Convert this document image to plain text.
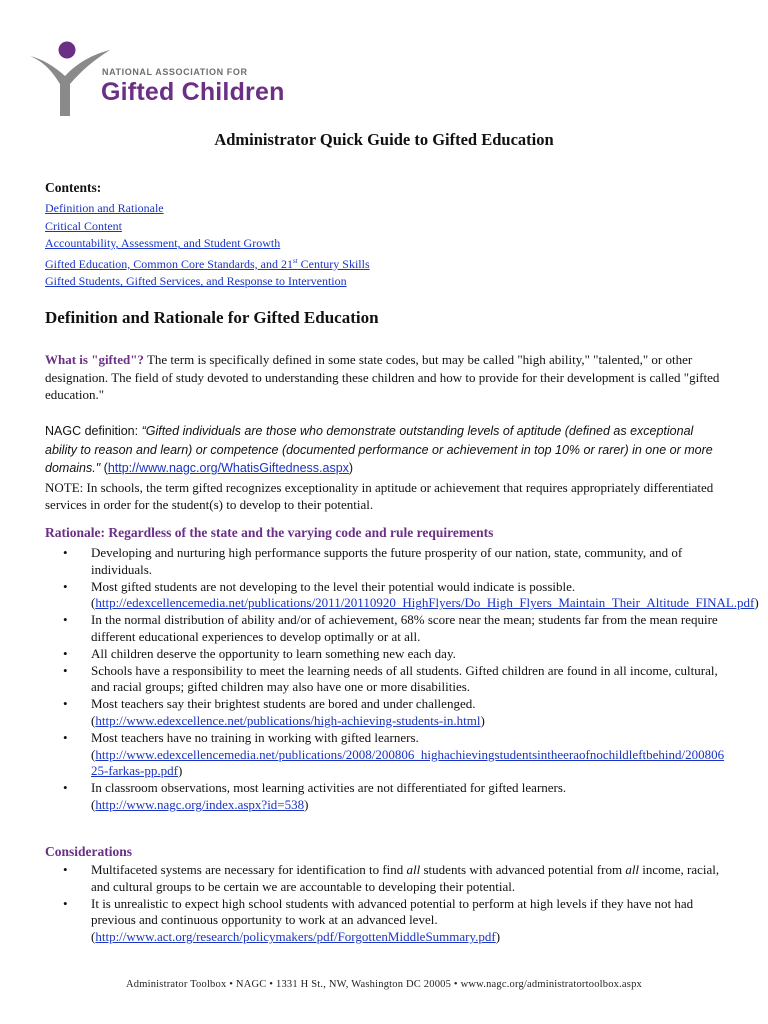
NATIONAL ASSOCIATION FOR
Gifted Children
Administrator Quick Guide to Gifted Education
Contents:
Definition and Rationale
Critical Content
Accountability, Assessment, and Student Growth
Gifted Education, Common Core Standards, and 21st Century Skills
Gifted Students, Gifted Services, and Response to Intervention
Definition and Rationale for Gifted Education
What is "gifted"? The term is specifically defined in some state codes, but may be called "high ability," "talented," or other designation. The field of study devoted to understanding these children and how to provide for their development is called "gifted education."
NAGC definition: “Gifted individuals are those who demonstrate outstanding levels of aptitude (defined as exceptional ability to reason and learn) or competence (documented performance or achievement in top 10% or rarer) in one or more domains." (http://www.nagc.org/WhatisGiftedness.aspx)
NOTE: In schools, the term gifted recognizes exceptionality in aptitude or achievement that requires appropriately differentiated services in order for the student(s) to develop to their potential.
Rationale: Regardless of the state and the varying code and rule requirements
• Developing and nurturing high performance supports the future prosperity of our nation, state, community, and of individuals.
• Most gifted students are not developing to the level their potential would indicate is possible.
(http://edexcellencemedia.net/publications/2011/20110920_HighFlyers/Do_High_Flyers_Maintain_Their_Altitude_FINAL.pdf)
• In the normal distribution of ability and/or of achievement, 68% score near the mean; students far from the mean require different educational experiences to develop optimally or at all.
• All children deserve the opportunity to learn something new each day.
• Schools have a responsibility to meet the learning needs of all students. Gifted children are found in all income, cultural, and racial groups; gifted children may also have one or more disabilities.
• Most teachers say their brightest students are bored and under challenged.
(http://www.edexcellence.net/publications/high-achieving-students-in.html)
• Most teachers have no training in working with gifted learners.
(http://www.edexcellencemedia.net/publications/2008/200806_highachievingstudentsintheeraofnochildleftbehind/20080625-farkas-pp.pdf)
• In classroom observations, most learning activities are not differentiated for gifted learners.
(http://www.nagc.org/index.aspx?id=538)
Considerations
• Multifaceted systems are necessary for identification to find all students with advanced potential from all income, racial, and cultural groups to be certain we are accountable to developing their potential.
• It is unrealistic to expect high school students with advanced potential to perform at high levels if they have not had previous and continuous opportunity to work at an advanced level.
(http://www.act.org/research/policymakers/pdf/ForgottenMiddleSummary.pdf)
Administrator Toolbox • NAGC • 1331 H St., NW, Washington DC 20005 • www.nagc.org/administratortoolbox.aspx
